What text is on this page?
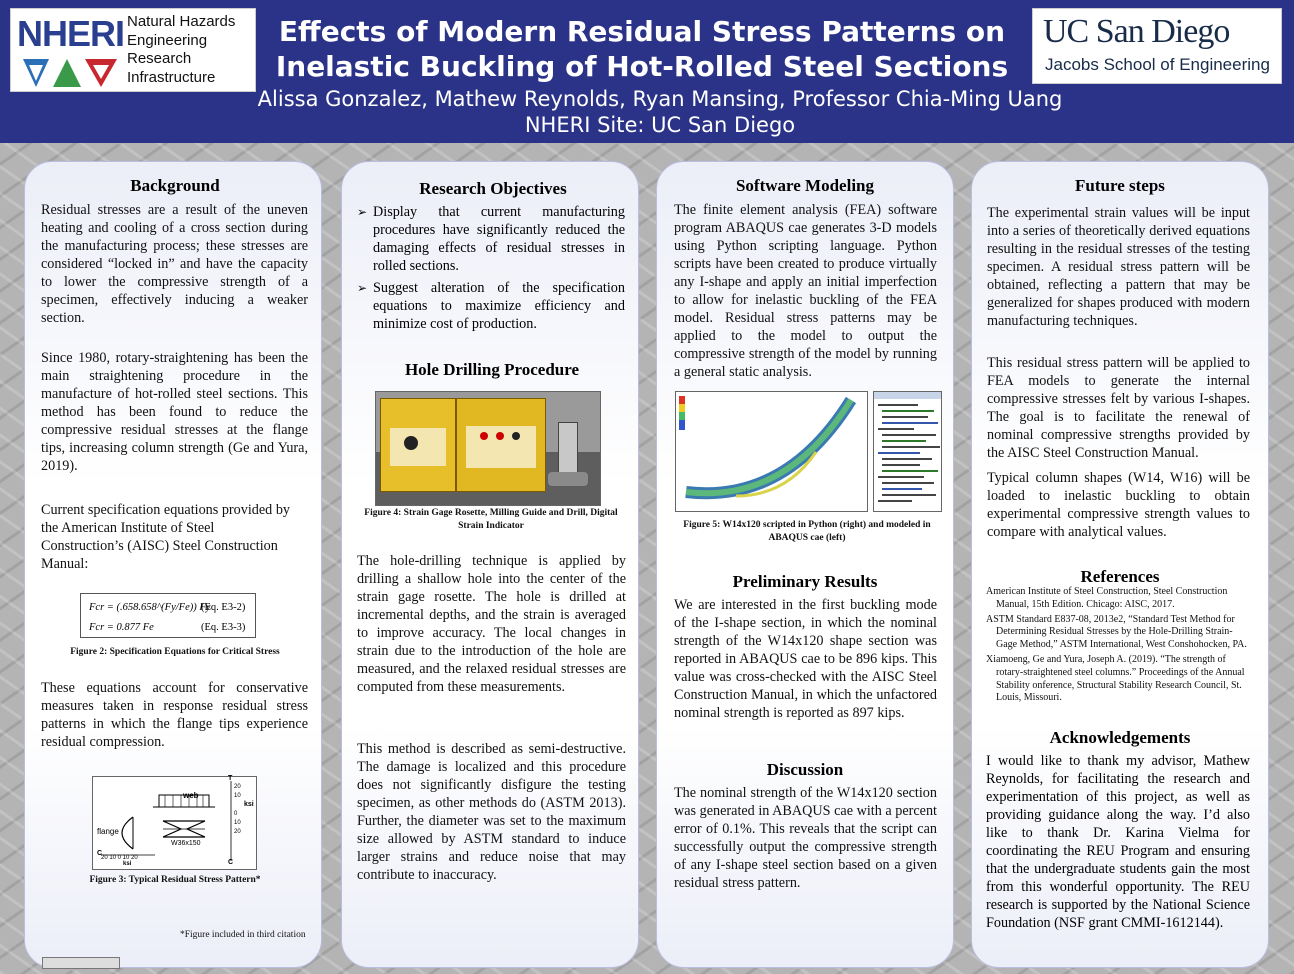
NHERI Natural Hazards
Engineering
Research
Infrastructure
Effects of Modern Residual Stress Patterns on
Inelastic Buckling of Hot-Rolled Steel Sections
Alissa Gonzalez, Mathew Reynolds, Ryan Mansing, Professor Chia-Ming Uang
NHERI Site: UC San Diego
UC San Diego
Jacobs School of Engineering
Background

Residual stresses are a result of the uneven heating and cooling of a cross section during the manufacturing process; these stresses are considered “locked in” and have the capacity to lower the compressive strength of a specimen, effectively inducing a weaker section.

Since 1980, rotary-straightening has been the main straightening procedure in the manufacture of hot-rolled steel sections. This method has been found to reduce the compressive residual stresses at the flange tips, increasing column strength (Ge and Yura, 2019).

Current specification equations provided by the American Institute of Steel Construction’s (AISC) Steel Construction Manual:

Fcr = (.658.658^(Fy/Fe)) Fy
(Eq. E3-2)
Fcr = 0.877 Fe	(Eq. E3-3)
Figure 2: Specification Equations for Critical Stress

These equations account for conservative measures taken in response residual stress patterns in which the flange tips experience residual compression.

web
flange
W36x150
T
ksi
C
C
20 10 0 10 20
ksi
20
10
0
10
20
Figure 3: Typical Residual Stress Pattern*
*Figure included in third citation
Research Objectives
➢ Display that current manufacturing procedures have significantly reduced the damaging effects of residual stresses in rolled sections.
➢ Suggest alteration of the specification equations to maximize efficiency and minimize cost of production.
Hole Drilling Procedure
Figure 4: Strain Gage Rosette, Milling Guide and Drill, Digital Strain Indicator

The hole-drilling technique is applied by drilling a shallow hole into the center of the strain gage rosette. The hole is drilled at incremental depths, and the strain is averaged to improve accuracy. The local changes in strain due to the introduction of the hole are measured, and the relaxed residual stresses are computed from these measurements.

This method is described as semi-destructive. The damage is localized and this procedure does not significantly disfigure the testing specimen, as other methods do (ASTM 2013). Further, the diameter was set to the maximum size allowed by ASTM standard to induce larger strains and reduce noise that may contribute to inaccuracy.

Software Modeling

The finite element analysis (FEA) software program ABAQUS cae generates 3-D models using Python scripting language. Python scripts have been created to produce virtually any I-shape and apply an initial imperfection to allow for inelastic buckling of the FEA model. Residual stress patterns may be applied to the model to output the compressive strength of the model by running a general static analysis.

Figure 5: W14x120 scripted in Python (right) and modeled in ABAQUS cae (left)
Preliminary Results

We are interested in the first buckling mode of the I-shape section, in which the nominal strength of the W14x120 shape section was reported in ABAQUS cae to be 896 kips. This value was cross-checked with the AISC Steel Construction Manual, in which the unfactored nominal strength is reported as 897 kips.

Discussion

The nominal strength of the W14x120 section was generated in ABAQUS cae with a percent error of 0.1%. This reveals that the script can successfully output the compressive strength of any I-shape steel section based on a given residual stress pattern.

Future steps

The experimental strain values will be input into a series of theoretically derived equations resulting in the residual stresses of the testing specimen. A residual stress pattern will be obtained, reflecting a pattern that may be generalized for shapes produced with modern manufacturing techniques.

This residual stress pattern will be applied to FEA models to generate the internal compressive stresses felt by various I-shapes. The goal is to facilitate the renewal of nominal compressive strengths provided by the AISC Steel Construction Manual.

Typical column shapes (W14, W16) will be loaded to inelastic buckling to obtain experimental compressive strength values to compare with analytical values.

References

American Institute of Steel Construction, Steel Construction Manual, 15th Edition. Chicago: AISC, 2017.

ASTM Standard E837-08, 2013e2, “Standard Test Method for Determining Residual Stresses by the Hole-Drilling Strain-Gage Method,” ASTM International, West Conshohocken, PA.

Xiamoeng, Ge and Yura, Joseph A. (2019). “The strength of rotary-straightened steel columns.” Proceedings of the Annual Stability onference, Structural Stability Research Council, St. Louis, Missouri.

Acknowledgements
I would like to thank my advisor, Mathew Reynolds, for facilitating the research and experimentation of this project, as well as providing guidance along the way. I’d also like to thank Dr. Karina Vielma for coordinating the REU Program and ensuring that the undergraduate students gain the most from this wonderful opportunity. The REU research is supported by the National Science Foundation (NSF grant CMMI-1612144).
